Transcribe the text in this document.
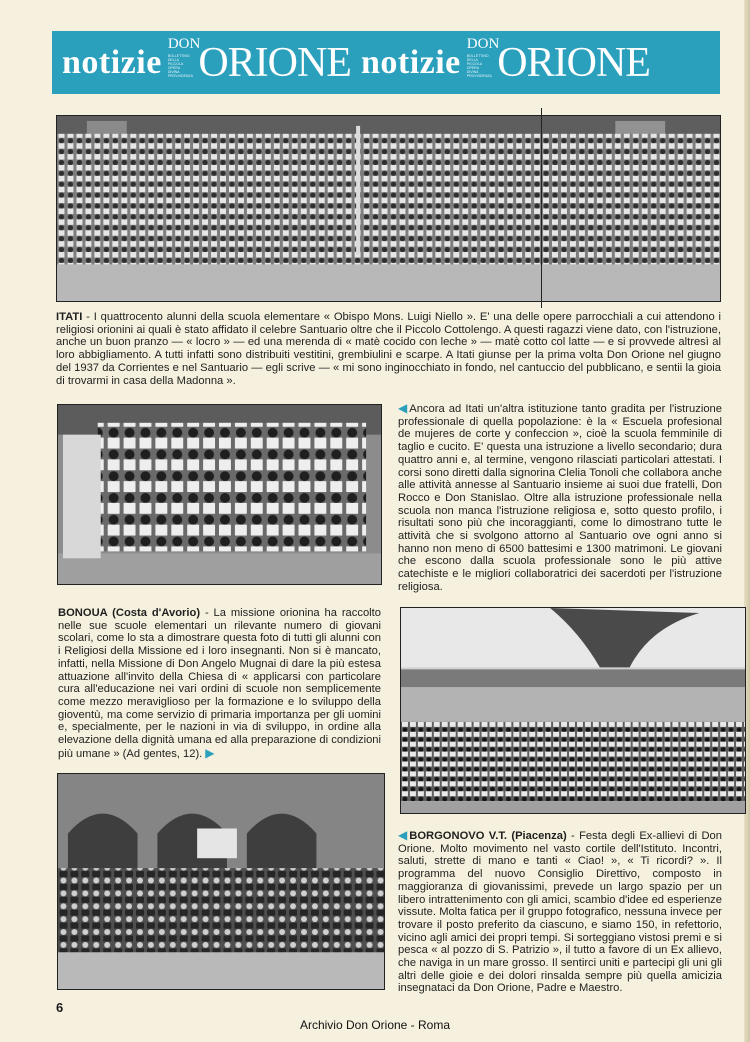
notizie DON
BOLLETTINO
DELLA
PICCOLA
OPERA
DIVINA
PROVVIDENZA ORIONE notizie DON
BOLLETTINO
DELLA
PICCOLA
OPERA
DIVINA
PROVVIDENZA ORIONE
ITATI - I quattrocento alunni della scuola elementare « Obispo Mons. Luigi Niello ». E' una delle opere parrocchiali a cui attendono i religiosi orionini ai quali è stato affidato il celebre Santuario oltre che il Piccolo Cottolengo. A questi ragazzi viene dato, con l'istruzione, anche un buon pranzo — « locro » — ed una merenda di « matè cocido con leche » — matè cotto col latte — e si provvede altresì al loro abbigliamento. A tutti infatti sono distribuiti vestitini, grembiulini e scarpe. A Itati giunse per la prima volta Don Orione nel giugno del 1937 da Corrientes e nel Santuario — egli scrive — « mi sono inginocchiato in fondo, nel cantuccio del pubblicano, e sentii la gioia di trovarmi in casa della Madonna ».
◀ Ancora ad Itati un'altra istituzione tanto gradita per l'istruzione professionale di quella popolazione: è la « Escuela profesional de mujeres de corte y confeccion », cioè la scuola femminile di taglio e cucito. E' questa una istruzione a livello secondario; dura quattro anni e, al termine, vengono rilasciati particolari attestati. I corsi sono diretti dalla signorina Clelia Tonoli che collabora anche alle attività annesse al Santuario insieme ai suoi due fratelli, Don Rocco e Don Stanislao. Oltre alla istruzione professionale nella scuola non manca l'istruzione religiosa e, sotto questo profilo, i risultati sono più che incoraggianti, come lo dimostrano tutte le attività che si svolgono attorno al Santuario ove ogni anno si hanno non meno di 6500 battesimi e 1300 matrimoni. Le giovani che escono dalla scuola professionale sono le più attive catechiste e le migliori collaboratrici dei sacerdoti per l'istruzione religiosa.
BONOUA (Costa d'Avorio) - La missione orionina ha raccolto nelle sue scuole elementari un rilevante numero di giovani scolari, come lo sta a dimostrare questa foto di tutti gli alunni con i Religiosi della Missione ed i loro insegnanti. Non si è mancato, infatti, nella Missione di Don Angelo Mugnai di dare la più estesa attuazione all'invito della Chiesa di « applicarsi con particolare cura all'educazione nei vari ordini di scuole non semplicemente come mezzo meraviglioso per la formazione e lo sviluppo della gioventù, ma come servizio di primaria importanza per gli uomini e, specialmente, per le nazioni in via di sviluppo, in ordine alla elevazione della dignità umana ed alla preparazione di condizioni più umane » (Ad gentes, 12). ▶
◀ BORGONOVO V.T. (Piacenza) - Festa degli Ex-allievi di Don Orione. Molto movimento nel vasto cortile dell'Istituto. Incontri, saluti, strette di mano e tanti « Ciao! », « Ti ricordi? ». Il programma del nuovo Consiglio Direttivo, composto in maggioranza di giovanissimi, prevede un largo spazio per un libero intrattenimento con gli amici, scambio d'idee ed esperienze vissute. Molta fatica per il gruppo fotografico, nessuna invece per trovare il posto preferito da ciascuno, e siamo 150, in refettorio, vicino agli amici dei propri tempi. Si sorteggiano vistosi premi e si pesca « al pozzo di S. Patrizio », il tutto a favore di un Ex allievo, che naviga in un mare grosso. Il sentirci uniti e partecipi gli uni gli altri delle gioie e dei dolori rinsalda sempre più quella amicizia insegnataci da Don Orione, Padre e Maestro.
6
Archivio Don Orione - Roma
